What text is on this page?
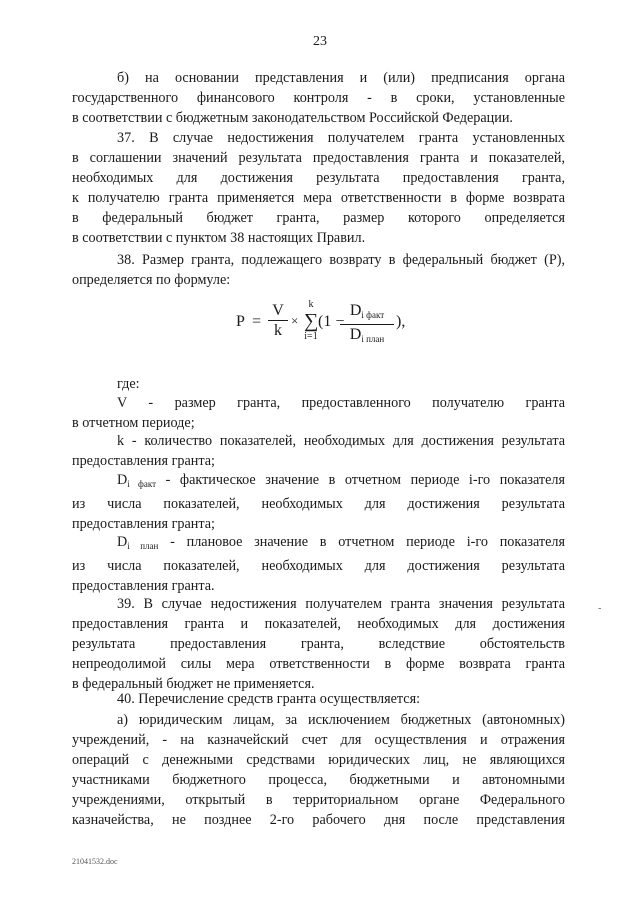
23
б) на основании представления и (или) предписания органа
государственного финансового контроля - в сроки, установленные
в соответствии с бюджетным законодательством Российской Федерации.
37. В случае недостижения получателем гранта установленных
в соглашении значений результата предоставления гранта и показателей,
необходимых для достижения результата предоставления гранта,
к получателю гранта применяется мера ответственности в форме возврата
в федеральный бюджет гранта, размер которого определяется
в соответствии с пунктом 38 настоящих Правил.
38. Размер гранта, подлежащего возврату в федеральный бюджет (P),
определяется по формуле:
$P = \frac{V}{k}$ ×
k
∑
i=1
(1 −
$D_{i факт}$
$D_{i план}$
),
где:
V - размер гранта, предоставленного получателю гранта
в отчетном периоде;
k - количество показателей, необходимых для достижения результата
предоставления гранта;
$D_{i факт}$ - фактическое значение в отчетном периоде i-го показателя
из числа показателей, необходимых для достижения результата
предоставления гранта;
$D_{i план}$ - плановое значение в отчетном периоде i-го показателя
из числа показателей, необходимых для достижения результата
предоставления гранта.
39. В случае недостижения получателем гранта значения результата
предоставления гранта и показателей, необходимых для достижения
результата предоставления гранта, вследствие обстоятельств
непреодолимой силы мера ответственности в форме возврата гранта
в федеральный бюджет не применяется.
40. Перечисление средств гранта осуществляется:
а) юридическим лицам, за исключением бюджетных (автономных)
учреждений, - на казначейский счет для осуществления и отражения
операций с денежными средствами юридических лиц, не являющихся
участниками бюджетного процесса, бюджетными и автономными
учреждениями, открытый в территориальном органе Федерального
казначейства, не позднее 2-го рабочего дня после представления
-
21041532.doc
